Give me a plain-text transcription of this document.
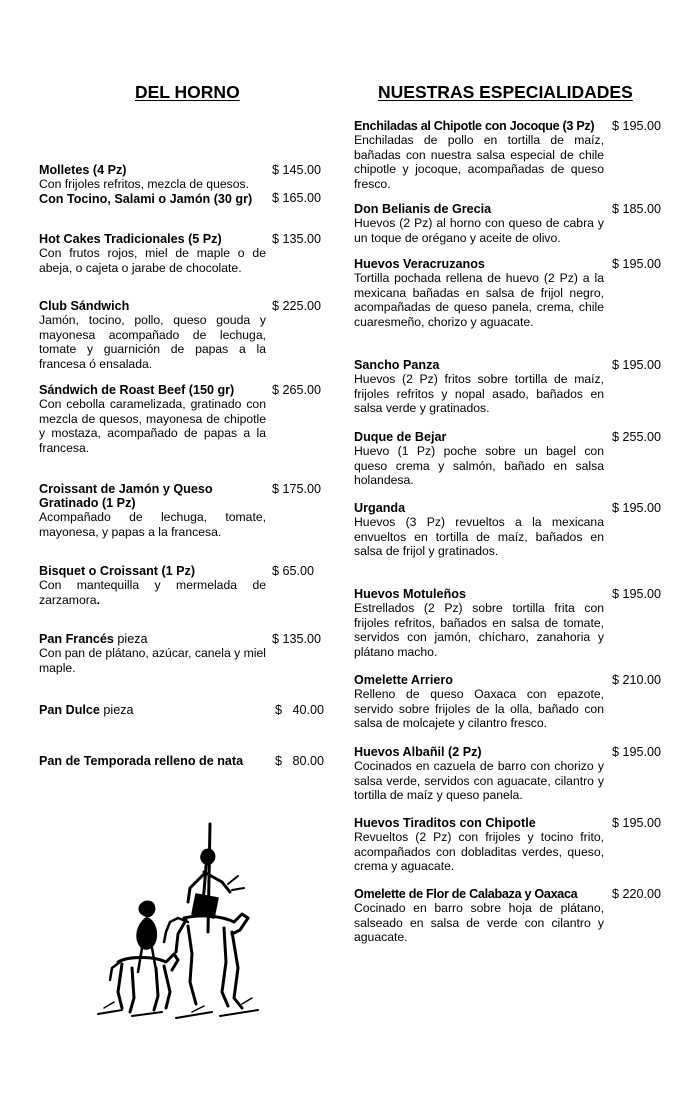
DEL HORNO
Molletes (4 Pz)
Con frijoles refritos, mezcla de quesos.
Con Tocino, Salami o Jamón (30 gr)
$ 145.00
$ 165.00
Hot Cakes Tradicionales (5 Pz)
Con frutos rojos, miel de maple o de abeja, o cajeta o jarabe de chocolate.
$ 135.00
Club Sándwich
Jamón, tocino, pollo, queso gouda y mayonesa acompañado de lechuga, tomate y guarnición de papas a la francesa ó ensalada.
$ 225.00
Sándwich de Roast Beef (150 gr)
Con cebolla caramelizada, gratinado con mezcla de quesos, mayonesa de chipotle y mostaza, acompañado de papas a la francesa.
$ 265.00
Croissant de Jamón y Queso Gratinado (1 Pz)
Acompañado de lechuga, tomate, mayonesa, y papas a la francesa.
$ 175.00
Bisquet o Croissant (1 Pz)
Con mantequilla y mermelada de zarzamora.
$ 65.00
Pan Francés pieza
Con pan de plátano, azúcar, canela y miel maple.
$ 135.00
Pan Dulce pieza	$   40.00
Pan de Temporada relleno de nata	$   80.00
NUESTRAS ESPECIALIDADES
Enchiladas al Chipotle con Jocoque (3 Pz)
Enchiladas de pollo en tortilla de maíz, bañadas con nuestra salsa especial de chile chipotle y jocoque, acompañadas de queso fresco.
$ 195.00
Don Belianis de Grecia
Huevos (2 Pz) al horno con queso de cabra y un toque de orégano y aceite de olivo.
$ 185.00
Huevos Veracruzanos
Tortilla pochada rellena de huevo (2 Pz) a la mexicana bañadas en salsa de frijol negro, acompañadas de queso panela, crema, chile cuaresmeño, chorizo y aguacate.
$ 195.00
Sancho Panza
Huevos (2 Pz) fritos sobre tortilla de maíz, frijoles refritos y nopal asado, bañados en salsa verde y gratinados.
$ 195.00
Duque de Bejar
Huevo (1 Pz) poche sobre un bagel con queso crema y salmón, bañado en salsa holandesa.
$ 255.00
Urganda
Huevos (3 Pz) revueltos a la mexicana envueltos en tortilla de maíz, bañados en salsa de frijol y gratinados.
$ 195.00
Huevos Motuleños
Estrellados (2 Pz) sobre tortilla frita con frijoles refritos, bañados en salsa de tomate, servidos con jamón, chícharo, zanahoria y plátano macho.
$ 195.00
Omelette Arriero
Relleno de queso Oaxaca con epazote, servido sobre frijoles de la olla, bañado con salsa de molcajete y cilantro fresco.
$ 210.00
Huevos Albañil (2 Pz)
Cocinados en cazuela de barro con chorizo y salsa verde, servidos con aguacate, cilantro y tortilla de maíz y queso panela.
$ 195.00
Huevos Tiraditos con Chipotle
Revueltos (2 Pz) con frijoles y tocino frito, acompañados con dobladitas verdes, queso, crema y aguacate.
$ 195.00
Omelette de Flor de Calabaza y Oaxaca
Cocinado en barro sobre hoja de plátano, salseado en salsa de verde con cilantro y aguacate.
$ 220.00
